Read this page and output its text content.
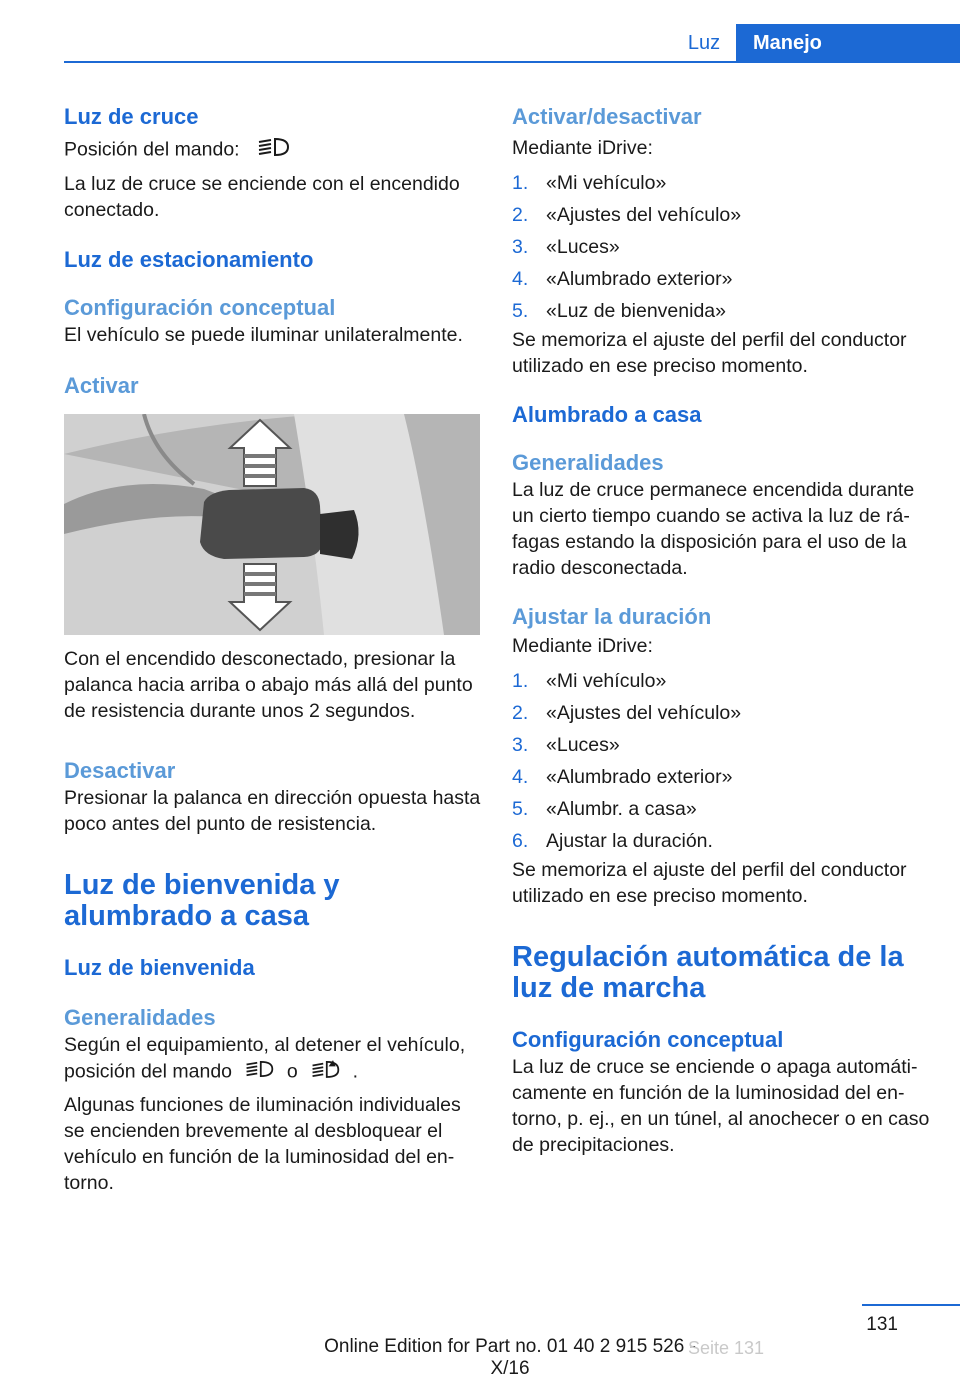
Luz	Manejo
Luz de cruce

Posición del mando:

La luz de cruce se enciende con el encendido conectado.

Luz de estacionamiento
Configuración conceptual

El vehículo se puede iluminar unilateralmente.

Activar

Con el encendido desconectado, presionar la palanca hacia arriba o abajo más allá del punto de resistencia durante unos 2 segundos.

Desactivar

Presionar la palanca en dirección opuesta hasta poco antes del punto de resistencia.

Luz de bienvenida y
alumbrado a casa
Luz de bienvenida
Generalidades

Según el equipamiento, al detener el vehículo, posición del mando	o	.

Algunas funciones de iluminación individuales se encienden brevemente al desbloquear el vehículo en función de la luminosidad del entorno.

Activar/desactivar

Mediante iDrive:

1. «Mi vehículo»
2. «Ajustes del vehículo»
3. «Luces»
4. «Alumbrado exterior»
5. «Luz de bienvenida»

Se memoriza el ajuste del perfil del conductor utilizado en ese preciso momento.

Alumbrado a casa
Generalidades

La luz de cruce permanece encendida durante un cierto tiempo cuando se activa la luz de ráfagas estando la disposición para el uso de la radio desconectada.

Ajustar la duración

Mediante iDrive:

1. «Mi vehículo»
2. «Ajustes del vehículo»
3. «Luces»
4. «Alumbrado exterior»
5. «Alumbr. a casa»
6. Ajustar la duración.

Se memoriza el ajuste del perfil del conductor utilizado en ese preciso momento.

Regulación automática de la
luz de marcha
Configuración conceptual

La luz de cruce se enciende o apaga automáticamente en función de la luminosidad del entorno, p. ej., en un túnel, al anochecer o en caso de precipitaciones.

131
Online Edition for Part no. 01 40 2 915 526 - X/16
Seite 131
